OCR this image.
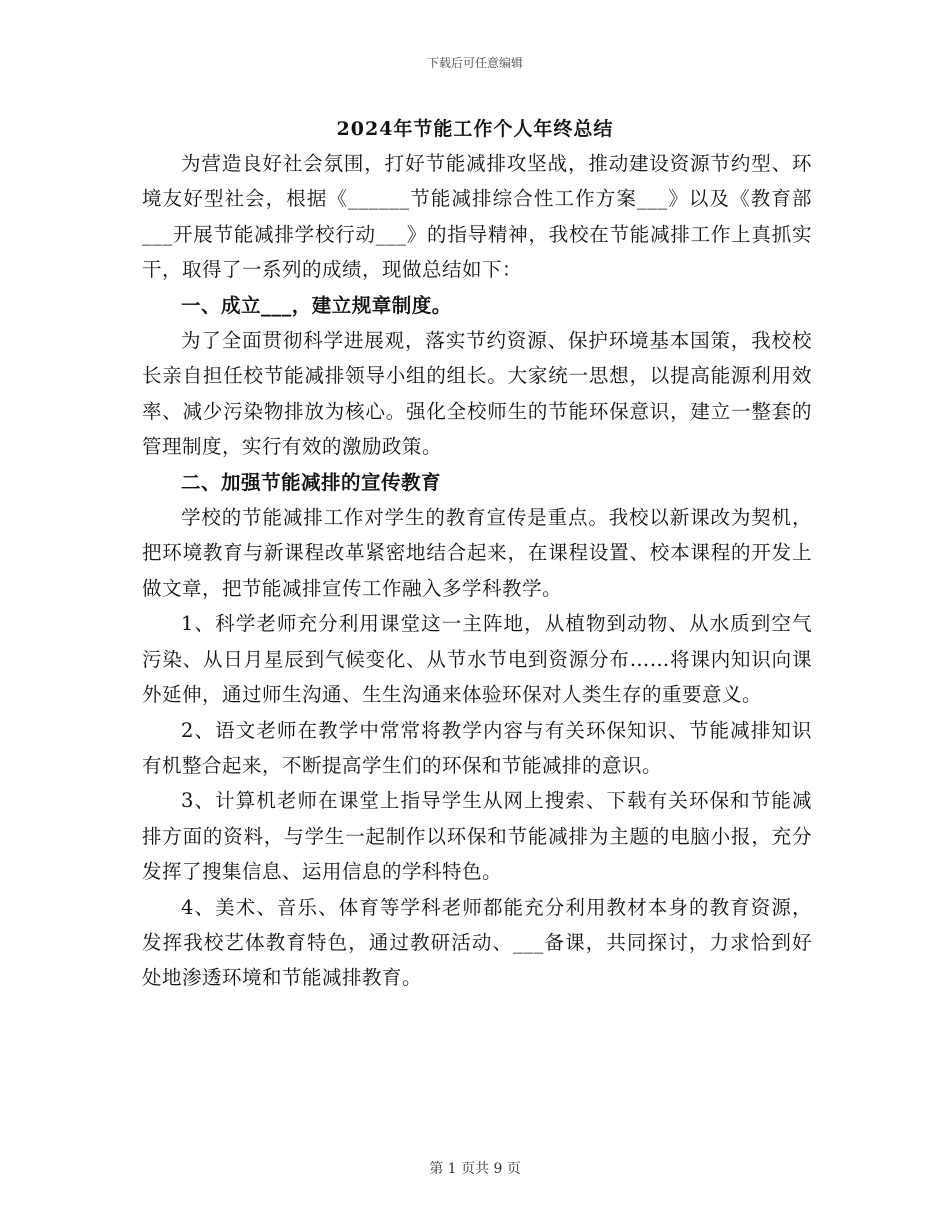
下载后可任意编辑
2024年节能工作个人年终总结

为营造良好社会氛围，打好节能减排攻坚战，推动建设资源节约型、环境友好型社会，根据《______节能减排综合性工作方案___》以及《教育部___开展节能减排学校行动___》的指导精神，我校在节能减排工作上真抓实干，取得了一系列的成绩，现做总结如下：

一、成立___，建立规章制度。

为了全面贯彻科学进展观，落实节约资源、保护环境基本国策，我校校长亲自担任校节能减排领导小组的组长。大家统一思想，以提高能源利用效率、减少污染物排放为核心。强化全校师生的节能环保意识，建立一整套的管理制度，实行有效的激励政策。

二、加强节能减排的宣传教育

学校的节能减排工作对学生的教育宣传是重点。我校以新课改为契机，把环境教育与新课程改革紧密地结合起来，在课程设置、校本课程的开发上做文章，把节能减排宣传工作融入多学科教学。

1、科学老师充分利用课堂这一主阵地，从植物到动物、从水质到空气污染、从日月星辰到气候变化、从节水节电到资源分布……将课内知识向课外延伸，通过师生沟通、生生沟通来体验环保对人类生存的重要意义。

2、语文老师在教学中常常将教学内容与有关环保知识、节能减排知识有机整合起来，不断提高学生们的环保和节能减排的意识。

3、计算机老师在课堂上指导学生从网上搜索、下载有关环保和节能减排方面的资料，与学生一起制作以环保和节能减排为主题的电脑小报，充分发挥了搜集信息、运用信息的学科特色。

4、美术、音乐、体育等学科老师都能充分利用教材本身的教育资源，发挥我校艺体教育特色，通过教研活动、___备课，共同探讨，力求恰到好处地渗透环境和节能减排教育。

第 1 页共 9 页
